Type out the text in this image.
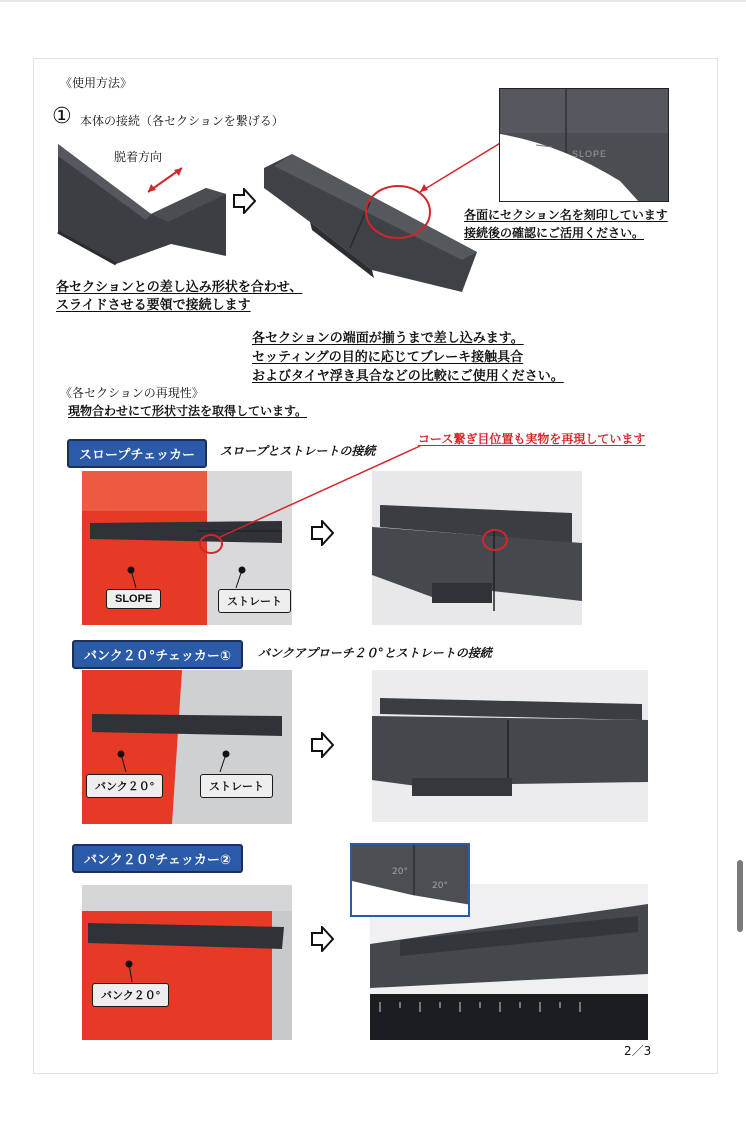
《使用方法》
① 本体の接続（各セクションを繋げる）
脱着方向	SLOPE
各面にセクション名を刻印しています
接続後の確認にご活用ください。
各セクションとの差し込み形状を合わせ、
スライドさせる要領で接続します
各セクションの端面が揃うまで差し込みます。
セッティングの目的に応じてブレーキ接触具合
およびタイヤ浮き具合などの比較にご使用ください。
《各セクションの再現性》
現物合わせにて形状寸法を取得しています。
スロープチェッカー	スロープとストレートの接続
コース繋ぎ目位置も実物を再現しています
SLOPE	ストレート
バンク２０°チェッカー①	バンクアプローチ２０°とストレートの接続
バンク２０°	ストレート
バンク２０°チェッカー②
バンク２０°
20°
20°
2／3
